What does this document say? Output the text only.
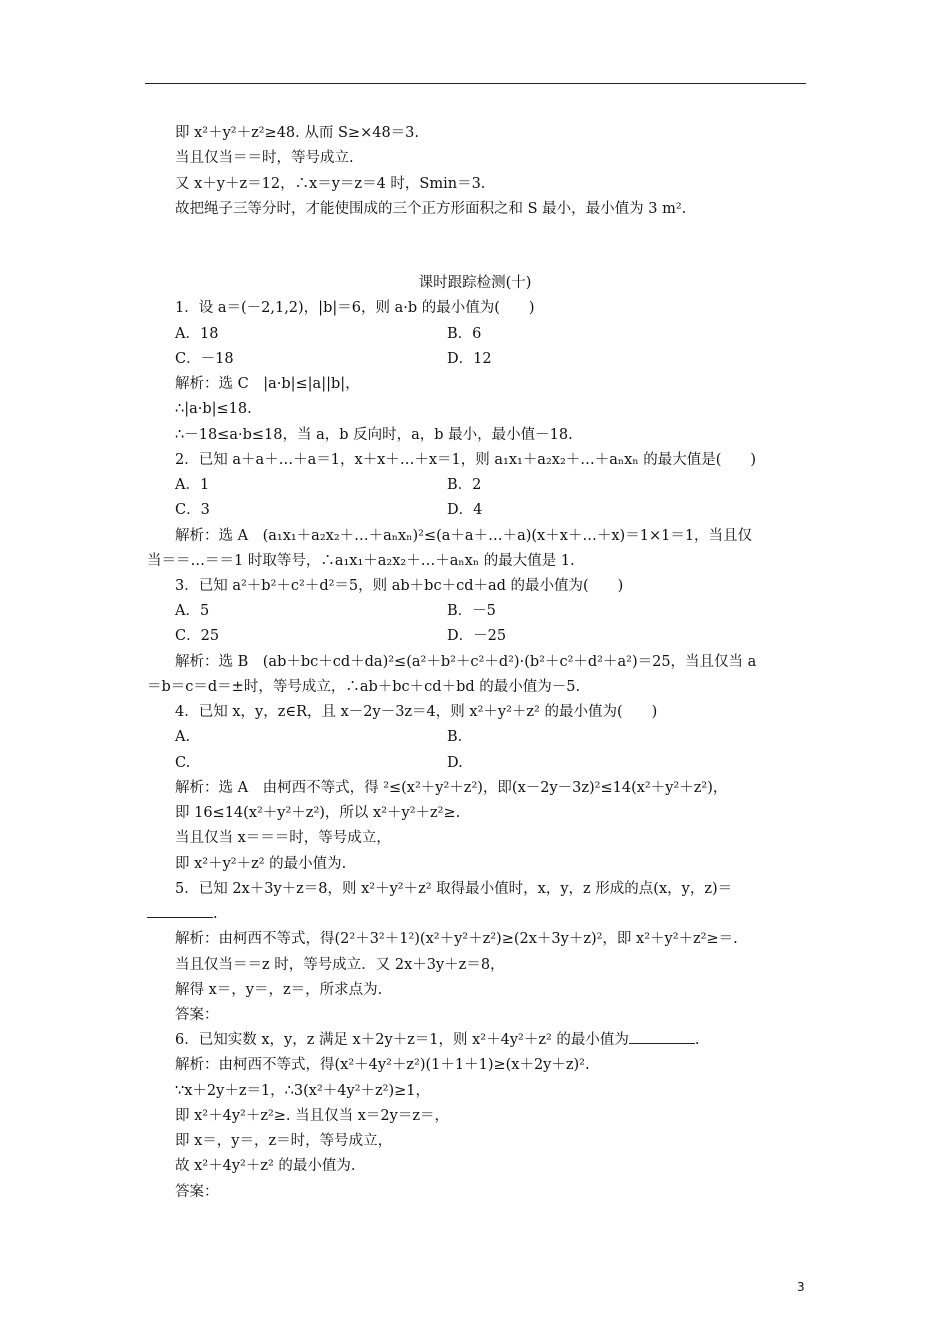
即 x²＋y²＋z²≥48. 从而 S≥×48＝3.
当且仅当＝＝时，等号成立.
又 x＋y＋z＝12，∴x＝y＝z＝4 时，Smin＝3.
故把绳子三等分时，才能使围成的三个正方形面积之和 S 最小，最小值为 3 m².
课时跟踪检测(十)
1．设 a＝(－2,1,2)，|b|＝6，则 a·b 的最小值为(　　)
A．18	B．6
C．－18	D．12
解析：选 C　|a·b|≤|a||b|，
∴|a·b|≤18.
∴－18≤a·b≤18，当 a，b 反向时，a，b 最小，最小值－18.
2．已知 a＋a＋…＋a＝1，x＋x＋…＋x＝1，则 a₁x₁＋a₂x₂＋…＋aₙxₙ 的最大值是(　　)
A．1	B．2
C．3	D．4
解析：选 A　(a₁x₁＋a₂x₂＋…＋aₙxₙ)²≤(a＋a＋…＋a)(x＋x＋…＋x)＝1×1＝1，当且仅
当＝＝…＝＝1 时取等号，∴a₁x₁＋a₂x₂＋…＋aₙxₙ 的最大值是 1.
3．已知 a²＋b²＋c²＋d²＝5，则 ab＋bc＋cd＋ad 的最小值为(　　)
A．5	B．－5
C．25	D．－25
解析：选 B　(ab＋bc＋cd＋da)²≤(a²＋b²＋c²＋d²)·(b²＋c²＋d²＋a²)＝25，当且仅当 a
＝b＝c＝d＝±时，等号成立，∴ab＋bc＋cd＋bd 的最小值为－5.
4．已知 x，y，z∈R，且 x－2y－3z＝4，则 x²＋y²＋z² 的最小值为(　　)
A.	B.
C.	D.
解析：选 A　由柯西不等式，得 ²≤(x²＋y²＋z²)，即(x－2y－3z)²≤14(x²＋y²＋z²)，
即 16≤14(x²＋y²＋z²)，所以 x²＋y²＋z²≥.
当且仅当 x＝＝＝时，等号成立，
即 x²＋y²＋z² 的最小值为.
5．已知 2x＋3y＋z＝8，则 x²＋y²＋z² 取得最小值时，x，y，z 形成的点(x，y，z)＝
.
解析：由柯西不等式，得(2²＋3²＋1²)(x²＋y²＋z²)≥(2x＋3y＋z)²，即 x²＋y²＋z²≥＝.
当且仅当＝＝z 时，等号成立．又 2x＋3y＋z＝8，
解得 x＝，y＝，z＝，所求点为.
答案：
6．已知实数 x，y，z 满足 x＋2y＋z＝1，则 x²＋4y²＋z² 的最小值为	.
解析：由柯西不等式，得(x²＋4y²＋z²)(1＋1＋1)≥(x＋2y＋z)².
∵x＋2y＋z＝1，∴3(x²＋4y²＋z²)≥1，
即 x²＋4y²＋z²≥. 当且仅当 x＝2y＝z＝，
即 x＝，y＝，z＝时，等号成立，
故 x²＋4y²＋z² 的最小值为.
答案：
3
